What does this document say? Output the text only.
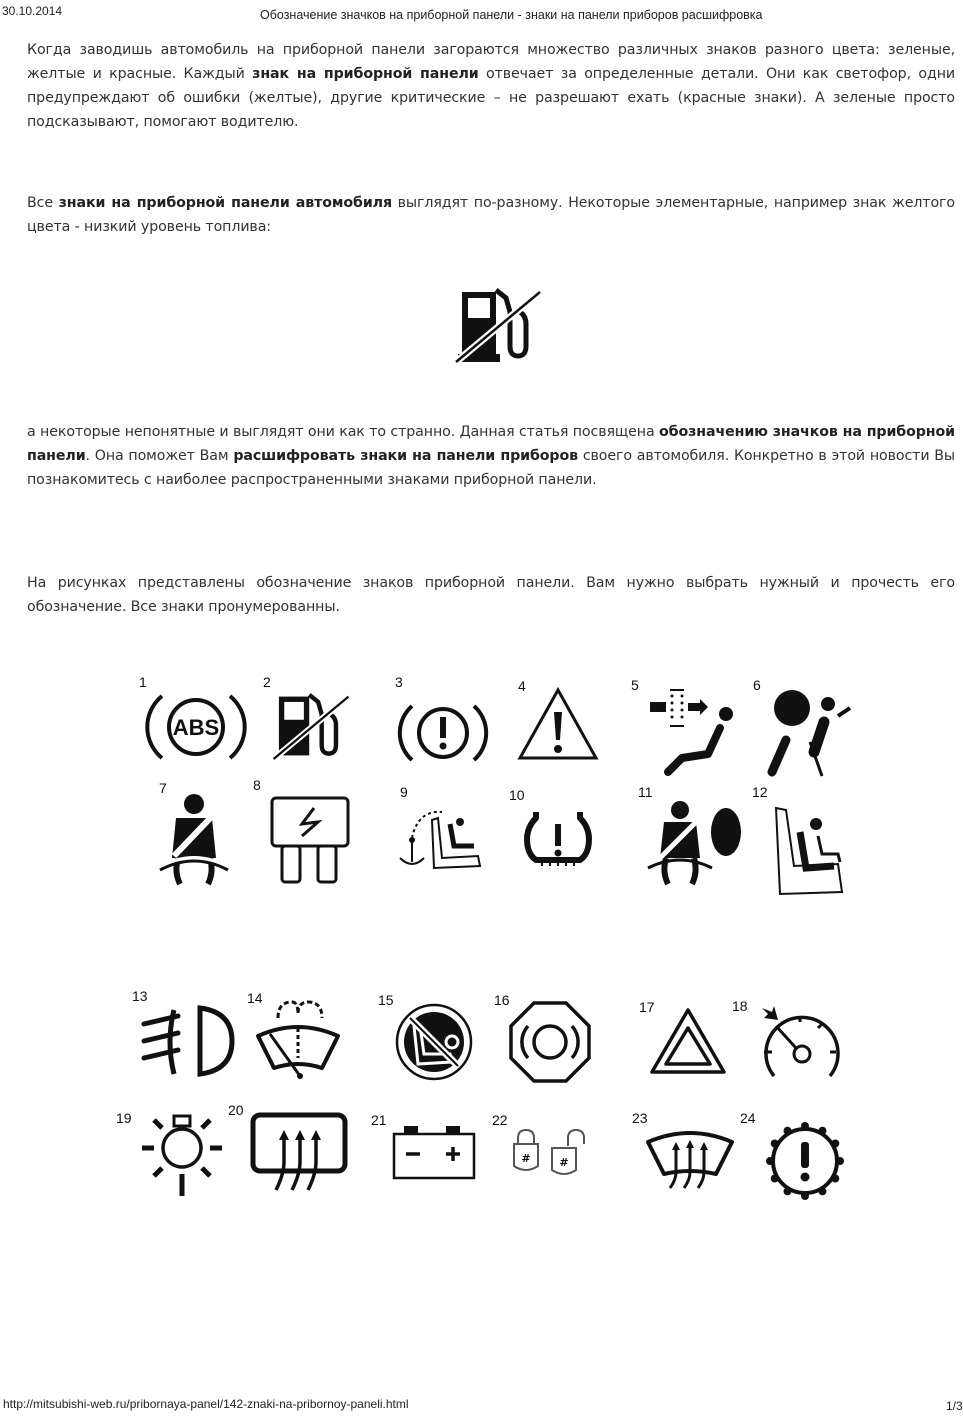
30.10.2014	Обозначение значков на приборной панели - знаки на панели приборов расшифровка
Когда заводишь автомобиль на приборной панели загораются множество различных знаков разного цвета: зеленые, желтые и красные. Каждый знак на приборной панели отвечает за определенные детали. Они как светофор, одни предупреждают об ошибки (желтые), другие критические – не разрешают ехать (красные знаки). А зеленые просто подсказывают, помогают водителю.
Все знаки на приборной панели автомобиля выглядят по-разному. Некоторые элементарные, например знак желтого цвета - низкий уровень топлива:
а некоторые непонятные и выглядят они как то странно. Данная статья посвящена обозначению значков на приборной панели. Она поможет Вам расшифровать знаки на панели приборов своего автомобиля. Конкретно в этой новости Вы познакомитесь с наиболее распространенными знаками приборной панели.
На рисунках представлены обозначение знаков приборной панели. Вам нужно выбрать нужный и прочесть его обозначение. Все знаки пронумерованны.
1
ABS
2	3	4	5	6
7	8	9	10	11	12
13	14	15	16	17	18
19	20
21	22
#	#
23	24
http://mitsubishi-web.ru/pribornaya-panel/142-znaki-na-pribornoy-paneli.html	1/3
